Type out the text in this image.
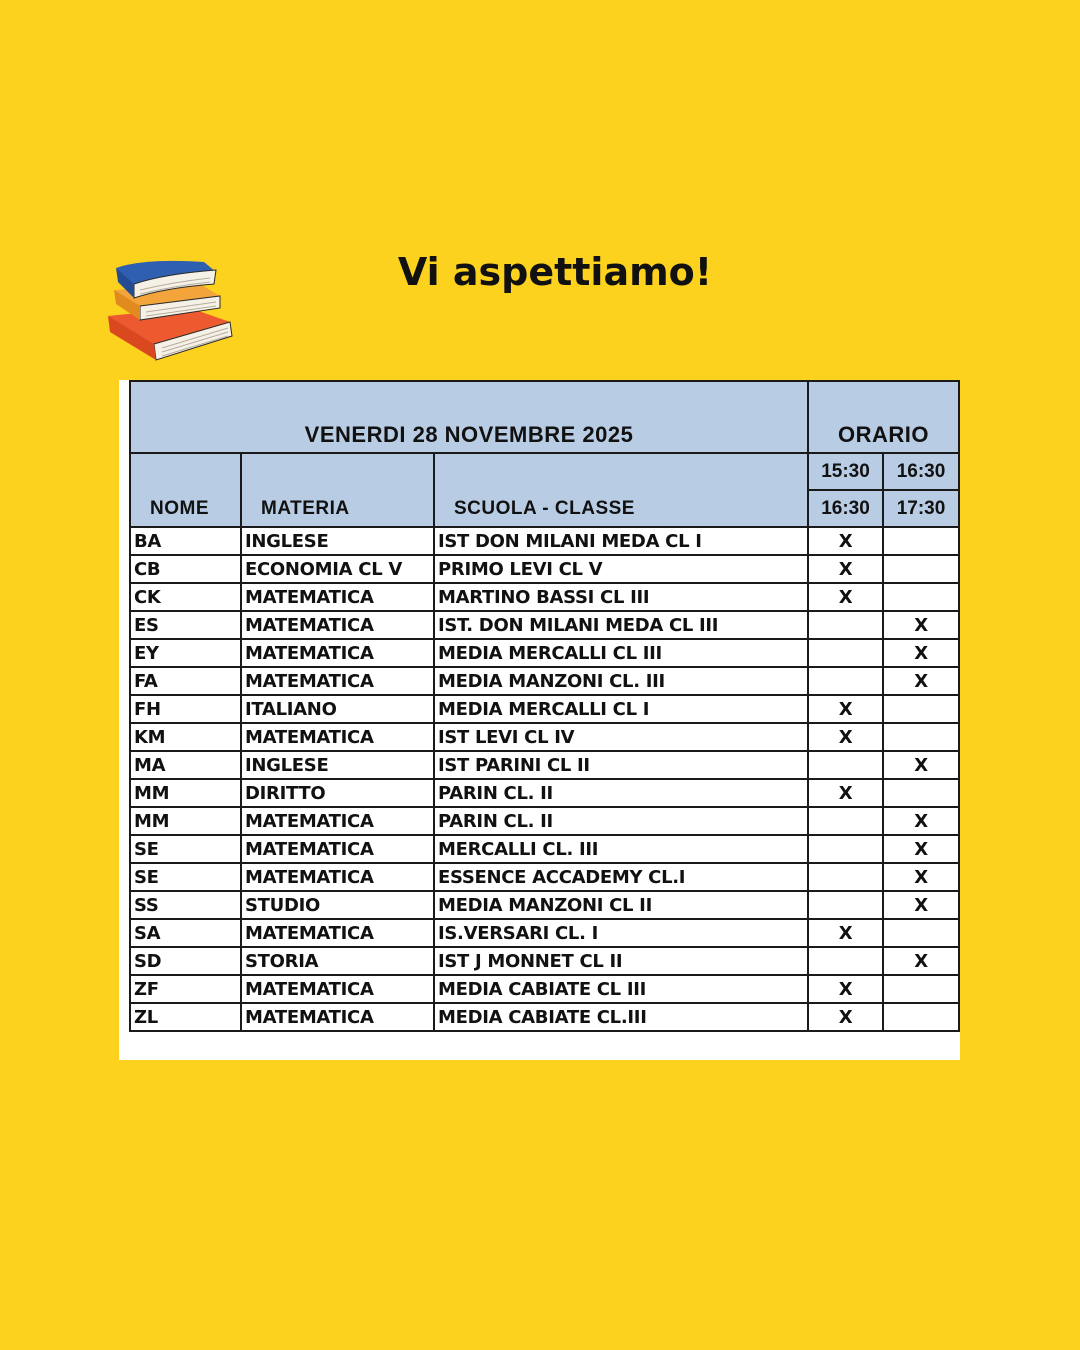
Vi aspettiamo!
VENERDI 28 NOVEMBRE 2025			ORARIO	
NOME	MATERIA	SCUOLA - CLASSE	15:30	16:30
			16:30	17:30
BA	INGLESE	IST DON MILANI MEDA CL I	X	
CB	ECONOMIA CL V	PRIMO LEVI CL V	X	
CK	MATEMATICA	MARTINO BASSI CL III	X	
ES	MATEMATICA	IST. DON MILANI MEDA CL III		X
EY	MATEMATICA	MEDIA MERCALLI CL III		X
FA	MATEMATICA	MEDIA MANZONI CL. III		X
FH	ITALIANO	MEDIA MERCALLI CL I	X	
KM	MATEMATICA	IST LEVI CL IV	X	
MA	INGLESE	IST PARINI CL II		X
MM	DIRITTO	PARIN CL. II	X	
MM	MATEMATICA	PARIN CL. II		X
SE	MATEMATICA	MERCALLI CL. III		X
SE	MATEMATICA	ESSENCE ACCADEMY CL.I		X
SS	STUDIO	MEDIA MANZONI CL II		X
SA	MATEMATICA	IS.VERSARI CL. I	X	
SD	STORIA	IST J MONNET CL II		X
ZF	MATEMATICA	MEDIA CABIATE CL III	X	
ZL	MATEMATICA	MEDIA CABIATE CL.III	X	
